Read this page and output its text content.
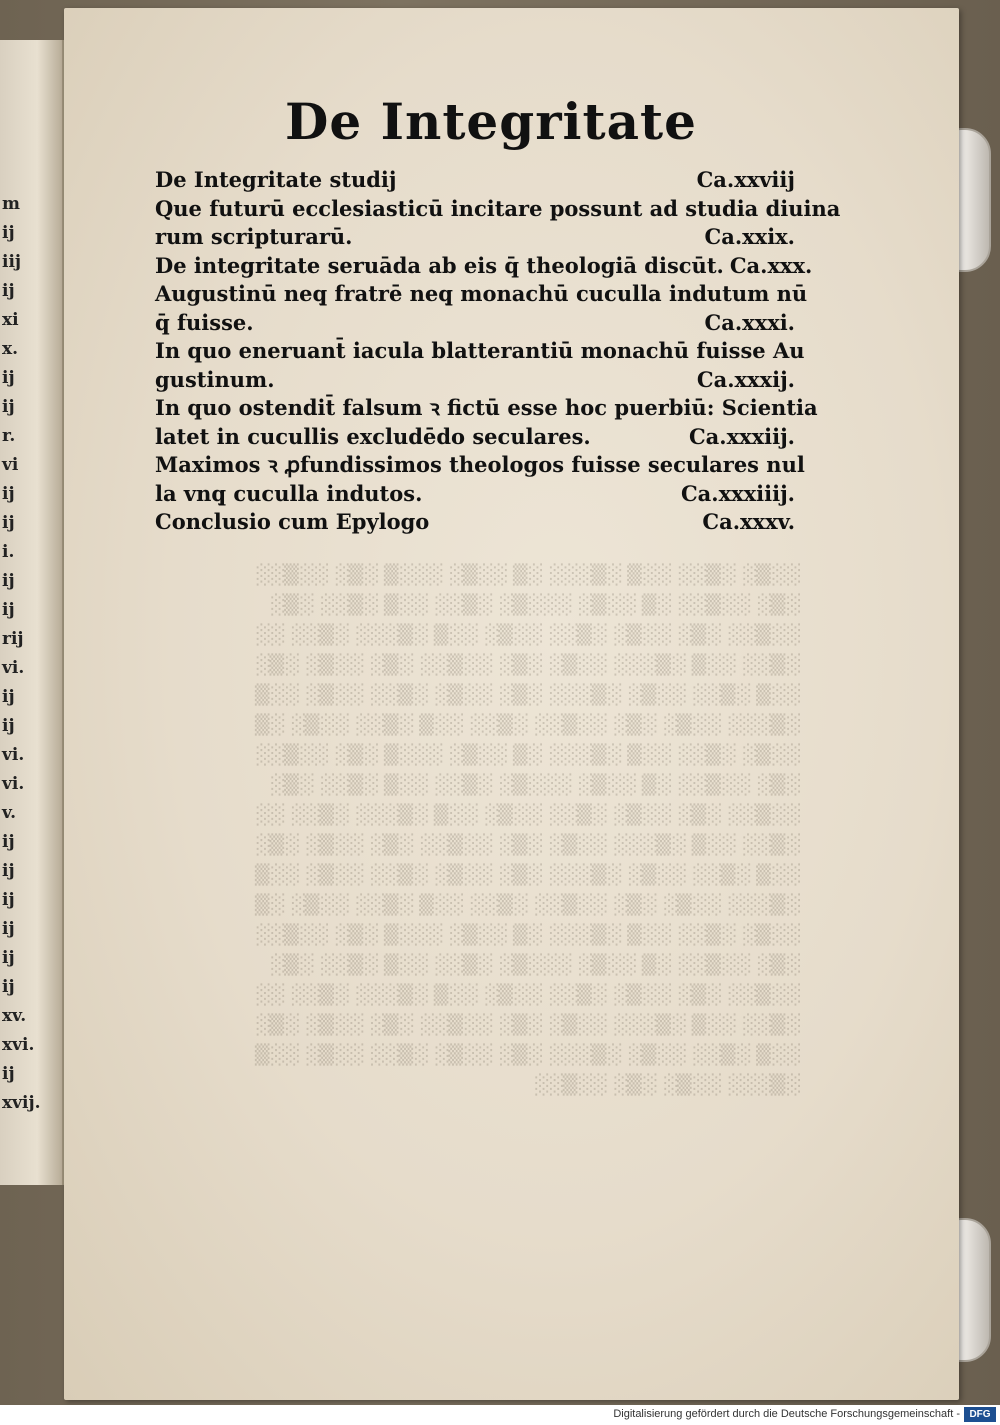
m
ij
iij
ij
xi
x.
ij
ij
r.
vi
ij
ij
i.
ij
ij
rij
vi.
ij
ij
vi.
vi.
v.
ij
ij
ij
ij
ij
ij
xv.
xvi.
ij
xvij.
░░▒░ ░▒░░ ░░▒ ░▒░░░ ░▒ ░░▒░ ░░░▒ ░▒░ ░░▒░░
░▒░ ░░▒░░ ░▒ ░░▒░ ░░░▒░ ░▒░░ ░░▒ ░▒░░ ░▒░
░░▒░░ ░▒░ ░░▒░ ░▒░░ ░░▒░ ░░▒ ░▒░░░ ░▒░░ ░░
░▒░░ ░░▒ ░▒░░░ ░░▒░ ░▒░ ░░▒░░ ░▒░ ░░▒░ ░▒░
░░▒ ░▒░░ ░░▒░ ░▒░░░ ░▒░ ░░▒░ ░▒░░ ░░▒░ ░░▒
░▒░░░ ░░▒░ ░▒░ ░░▒░░ ░▒░░ ░░▒ ░▒░░ ░░▒░ ░▒
░░▒░ ░▒░░ ░░▒ ░▒░░░ ░▒ ░░▒░ ░░░▒ ░▒░ ░░▒░░
░▒░ ░░▒░░ ░▒ ░░▒░ ░░░▒░ ░▒░░ ░░▒ ░▒░░ ░▒░
░░▒░░ ░▒░ ░░▒░ ░▒░░ ░░▒░ ░░▒ ░▒░░░ ░▒░░ ░░
░▒░░ ░░▒ ░▒░░░ ░░▒░ ░▒░ ░░▒░░ ░▒░ ░░▒░ ░▒░
░░▒ ░▒░░ ░░▒░ ░▒░░░ ░▒░ ░░▒░ ░▒░░ ░░▒░ ░░▒
░▒░░░ ░░▒░ ░▒░ ░░▒░░ ░▒░░ ░░▒ ░▒░░ ░░▒░ ░▒
░░▒░ ░▒░░ ░░▒ ░▒░░░ ░▒ ░░▒░ ░░░▒ ░▒░ ░░▒░░
░▒░ ░░▒░░ ░▒ ░░▒░ ░░░▒░ ░▒░░ ░░▒ ░▒░░ ░▒░
░░▒░░ ░▒░ ░░▒░ ░▒░░ ░░▒░ ░░▒ ░▒░░░ ░▒░░ ░░
░▒░░ ░░▒ ░▒░░░ ░░▒░ ░▒░ ░░▒░░ ░▒░ ░░▒░ ░▒░
░░▒ ░▒░░ ░░▒░ ░▒░░░ ░▒░ ░░▒░ ░▒░░ ░░▒░ ░░▒
░▒░░░ ░░▒░ ░▒░ ░░▒░░

De Integritate
De Integritate studij	Ca.xxviij
Que futurū ecclesiasticū incitare possunt ad studia diuina
rum scripturarū.	Ca.xxix.
De integritate seruāda ab eis q̄ theologiā discūt. Ca.xxx.
Augustinū neq̧ fratrē neq̧ monachū cuculla indutum nū
q̄ fuisse.	Ca.xxxi.
In quo eneruant̄ iacula blatterantiū monachū fuisse Au
gustinum.	Ca.xxxij.
In quo ostendit̄ falsum ꝛ fictū esse hoc puerbiū: Scientia
latet in cucullis excludēdo seculares.	Ca.xxxiij.
Maximos ꝛ ꝓfundissimos theologos fuisse seculares nul
la vnq̧ cuculla indutos.	Ca.xxxiiij.
Conclusio cum Epylogo	Ca.xxxv.
Digitalisierung gefördert durch die Deutsche Forschungsgemeinschaft - DFG
